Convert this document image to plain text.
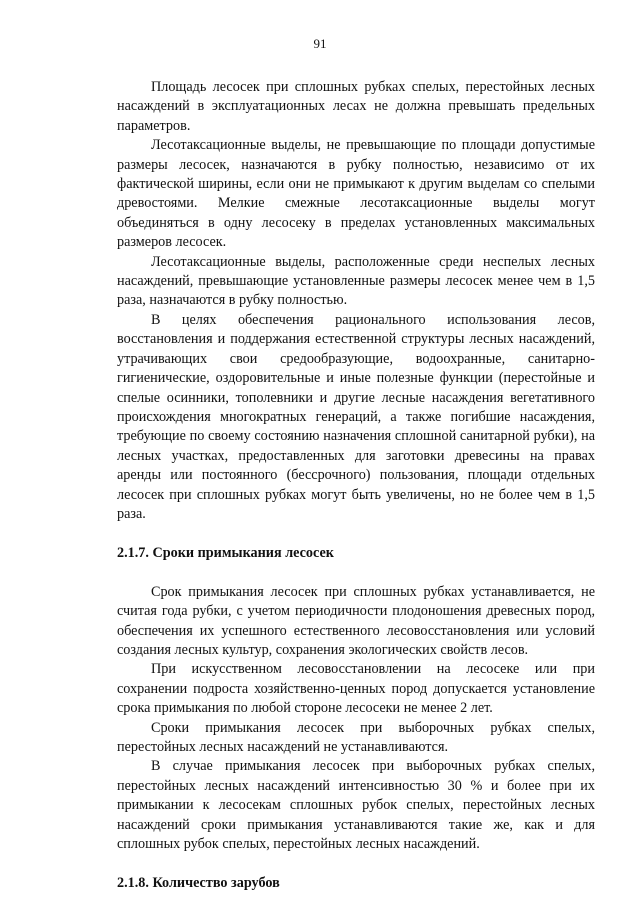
91

Площадь лесосек при сплошных рубках спелых, перестойных лесных насаждений в эксплуатационных лесах не должна превышать предельных параметров.

Лесотаксационные выделы, не превышающие по площади допустимые размеры лесосек, назначаются в рубку полностью, независимо от их фактической ширины, если они не примыкают к другим выделам со спелыми древостоями. Мелкие смежные лесотаксационные выделы могут объединяться в одну лесосеку в пределах установленных максимальных размеров лесосек.

Лесотаксационные выделы, расположенные среди неспелых лесных насаждений, превышающие установленные размеры лесосек менее чем в 1,5 раза, назначаются в рубку полностью.

В целях обеспечения рационального использования лесов, восстановления и поддержания естественной структуры лесных насаждений, утрачивающих свои средообразующие, водоохранные, санитарно-гигиенические, оздоровительные и иные полезные функции (перестойные и спелые осинники, тополевники и другие лесные насаждения вегетативного происхождения многократных генераций, а также погибшие насаждения, требующие по своему состоянию назначения сплошной санитарной рубки), на лесных участках, предоставленных для заготовки древесины на правах аренды или постоянного (бессрочного) пользования, площади отдельных лесосек при сплошных рубках могут быть увеличены, но не более чем в 1,5 раза.

2.1.7. Сроки примыкания лесосек

Срок примыкания лесосек при сплошных рубках устанавливается, не считая года рубки, с учетом периодичности плодоношения древесных пород, обеспечения их успешного естественного лесовосстановления или условий создания лесных культур, сохранения экологических свойств лесов.

При искусственном лесовосстановлении на лесосеке или при сохранении подроста хозяйственно-ценных пород допускается установление срока примыкания по любой стороне лесосеки не менее 2 лет.

Сроки примыкания лесосек при выборочных рубках спелых, перестойных лесных насаждений не устанавливаются.

В случае примыкания лесосек при выборочных рубках спелых, перестойных лесных насаждений интенсивностью 30 % и более при их примыкании к лесосекам сплошных рубок спелых, перестойных лесных насаждений сроки примыкания устанавливаются такие же, как и для сплошных рубок спелых, перестойных лесных насаждений.

2.1.8. Количество зарубов
